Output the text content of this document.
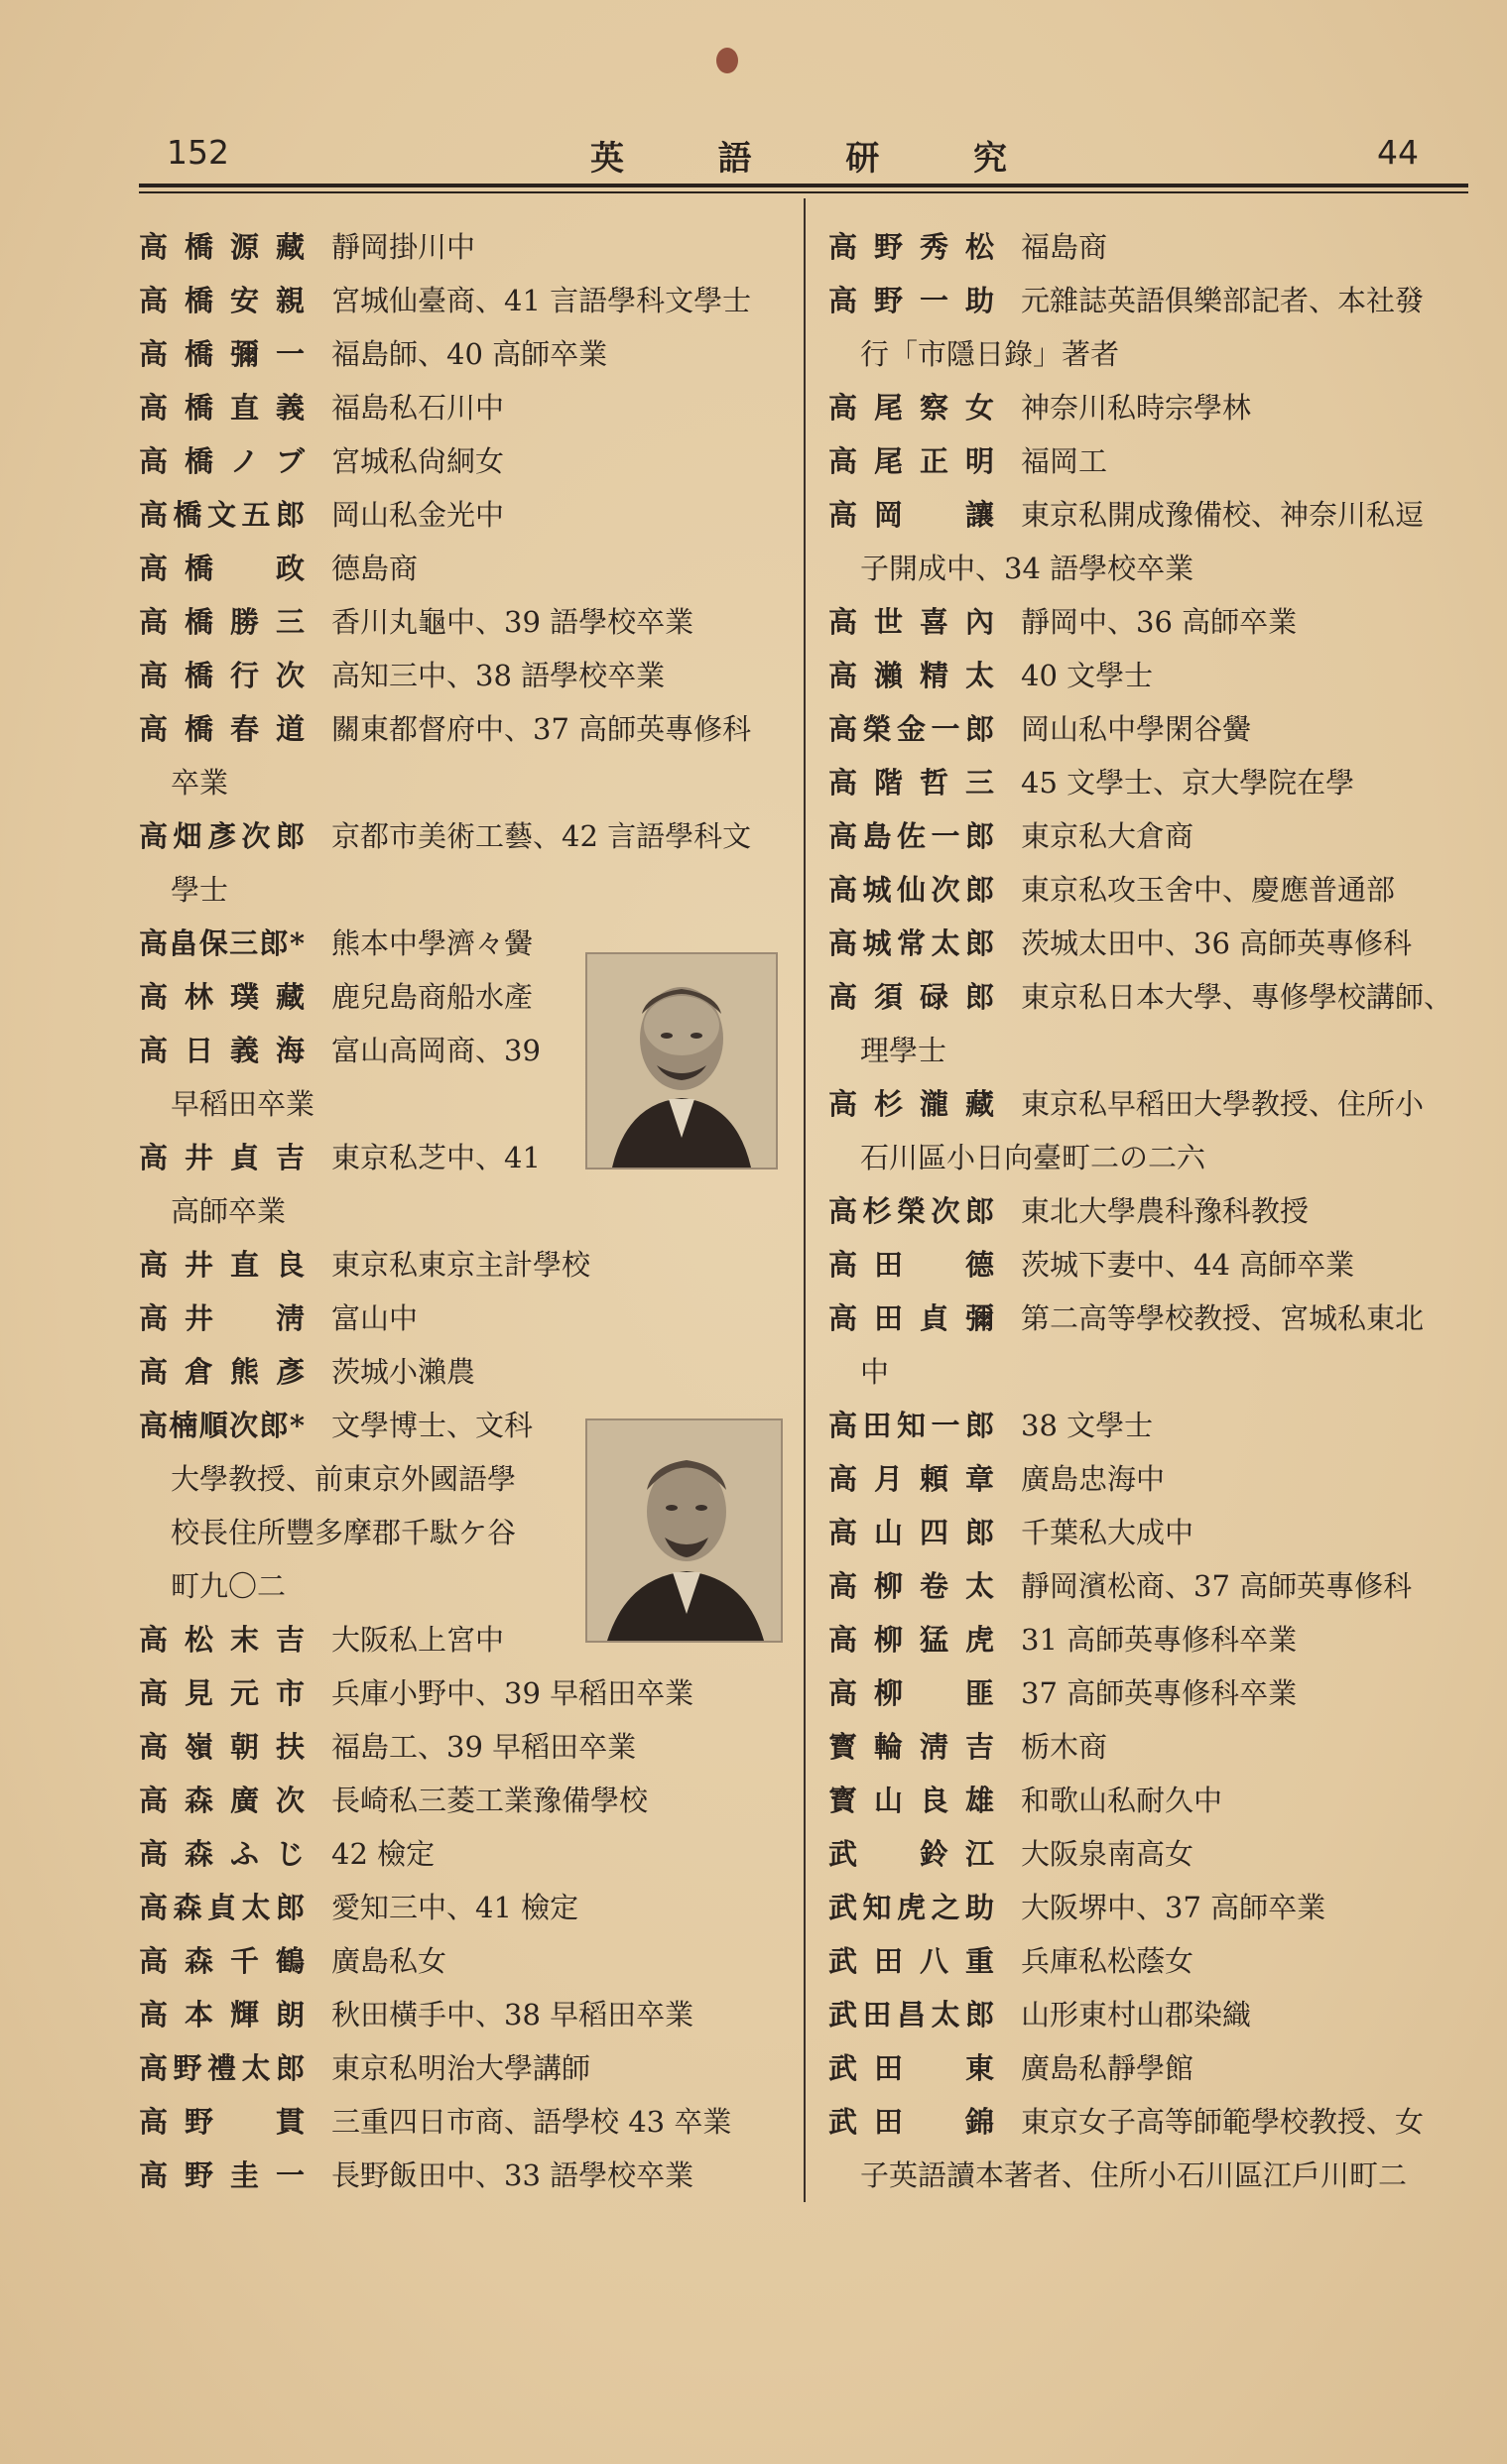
152	英	語	研	究	44
高橋源藏 靜岡掛川中
高橋安親 宮城仙臺商、41 言語學科文學士
高橋彌一 福島師、40 高師卒業
高橋直義 福島私石川中
高橋ノブ 宮城私尙絅女
高橋文五郎 岡山私金光中
高橋　政 德島商
高橋勝三 香川丸龜中、39 語學校卒業
高橋行次 高知三中、38 語學校卒業
高橋春道 關東都督府中、37 高師英專修科
卒業
高畑彥次郎 京都市美術工藝、42 言語學科文
學士
高畠保三郎* 熊本中學濟々黌
高林璞藏 鹿兒島商船水產
高日義海 富山高岡商、39
早稻田卒業
高井貞吉 東京私芝中、41
高師卒業
高井直良 東京私東京主計學校
高井　淸 富山中
高倉熊彥 茨城小瀨農
高楠順次郎* 文學博士、文科
大學教授、前東京外國語學
校長住所豐多摩郡千駄ケ谷
町九〇二
高松末吉 大阪私上宮中
高見元市 兵庫小野中、39 早稻田卒業
高嶺朝扶 福島工、39 早稻田卒業
高森廣次 長崎私三菱工業豫備學校
高森ふじ 42 檢定
高森貞太郎 愛知三中、41 檢定
高森千鶴 廣島私女
高本輝朗 秋田橫手中、38 早稻田卒業
高野禮太郎 東京私明治大學講師
高野　貫 三重四日市商、語學校 43 卒業
高野圭一 長野飯田中、33 語學校卒業
高野秀松 福島商
高野一助 元雜誌英語俱樂部記者、本社發
行「市隱日錄」著者
高尾察女 神奈川私時宗學林
高尾正明 福岡工
高岡　讓 東京私開成豫備校、神奈川私逗
子開成中、34 語學校卒業
高世喜內 靜岡中、36 高師卒業
高瀨精太 40 文學士
高榮金一郎 岡山私中學閑谷黌
高階哲三 45 文學士、京大學院在學
高島佐一郎 東京私大倉商
高城仙次郎 東京私攻玉舍中、慶應普通部
高城常太郎 茨城太田中、36 高師英專修科
高須碌郎 東京私日本大學、專修學校講師、
理學士
高杉瀧藏 東京私早稻田大學教授、住所小
石川區小日向臺町二の二六
高杉榮次郎 東北大學農科豫科教授
高田　德 茨城下妻中、44 高師卒業
高田貞彌 第二高等學校教授、宮城私東北
中
高田知一郎 38 文學士
高月頼章 廣島忠海中
高山四郎 千葉私大成中
高柳卷太 靜岡濱松商、37 高師英專修科
高柳猛虎 31 高師英專修科卒業
高柳　匪 37 高師英專修科卒業
寳輪淸吉 栃木商
寳山良雄 和歌山私耐久中
武　鈴江 大阪泉南高女
武知虎之助 大阪堺中、37 高師卒業
武田八重 兵庫私松蔭女
武田昌太郎 山形東村山郡染織
武田　東 廣島私靜學館
武田　錦 東京女子高等師範學校教授、女
子英語讀本著者、住所小石川區江戶川町二
